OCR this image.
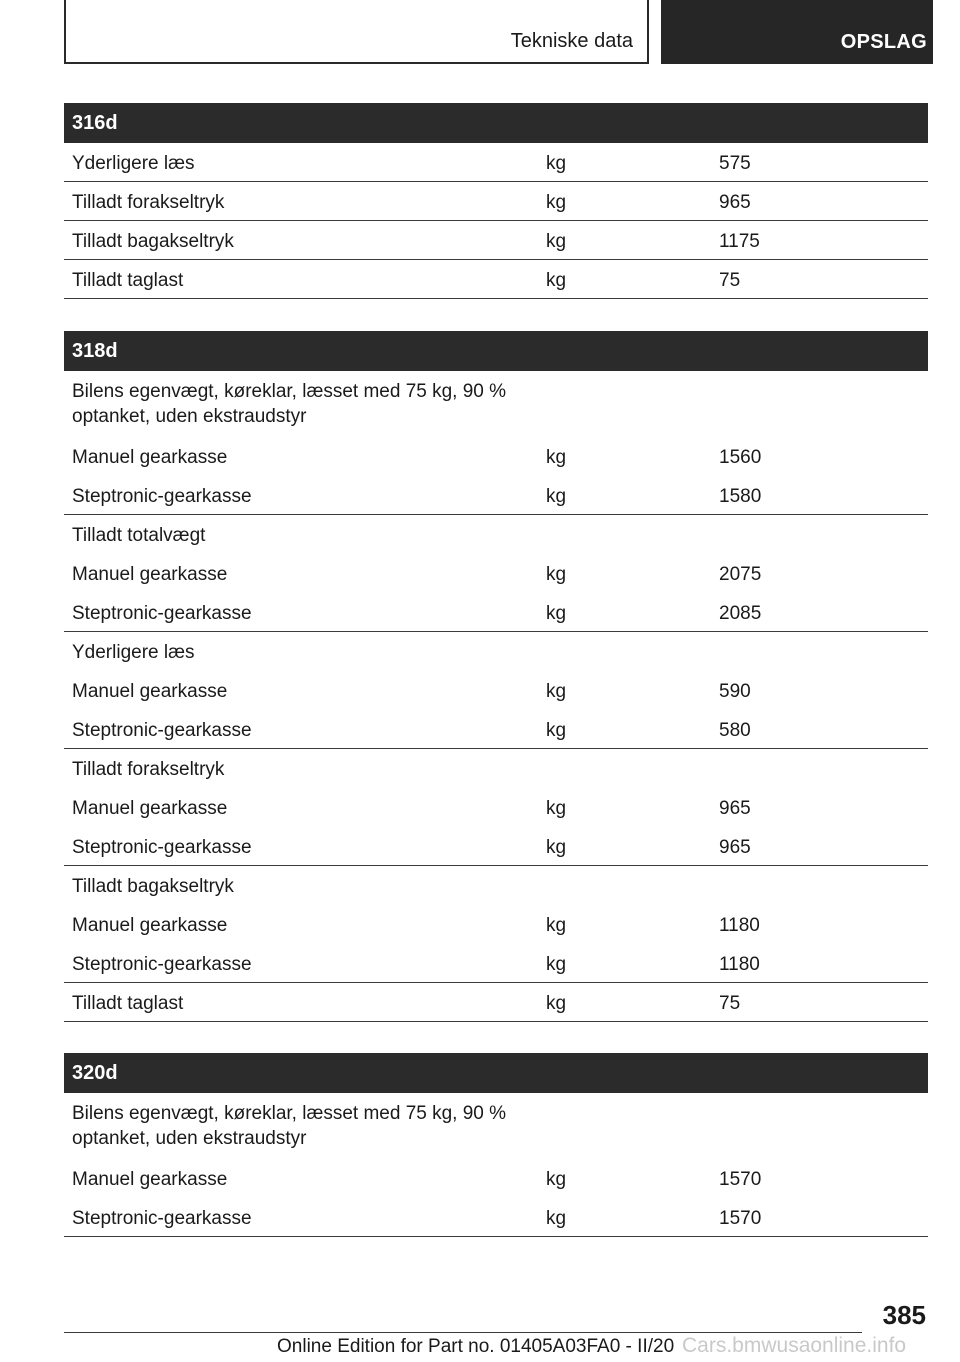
Tekniske data	OPSLAG
316d
Yderligere læs	kg	575
Tilladt forakseltryk	kg	965
Tilladt bagakseltryk	kg	1175
Tilladt taglast	kg	75
318d
Bilens egenvægt, køreklar, læsset med 75 kg, 90 % optanket, uden ekstraudstyr
Manuel gearkasse	kg	1560
Steptronic-gearkasse	kg	1580
Tilladt totalvægt
Manuel gearkasse	kg	2075
Steptronic-gearkasse	kg	2085
Yderligere læs
Manuel gearkasse	kg	590
Steptronic-gearkasse	kg	580
Tilladt forakseltryk
Manuel gearkasse	kg	965
Steptronic-gearkasse	kg	965
Tilladt bagakseltryk
Manuel gearkasse	kg	1180
Steptronic-gearkasse	kg	1180
Tilladt taglast	kg	75
320d
Bilens egenvægt, køreklar, læsset med 75 kg, 90 % optanket, uden ekstraudstyr
Manuel gearkasse	kg	1570
Steptronic-gearkasse	kg	1570
385
Cars.bmwusaonline.info
Online Edition for Part no. 01405A03FA0 - II/20
